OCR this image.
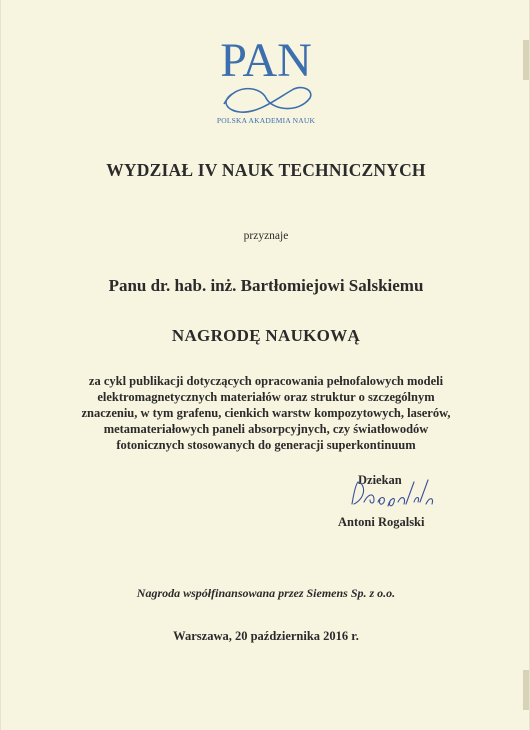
PAN
POLSKA AKADEMIA NAUK
WYDZIAŁ IV NAUK TECHNICZNYCH
przyznaje
Panu dr. hab. inż. Bartłomiejowi Salskiemu
NAGRODĘ NAUKOWĄ
za cykl publikacji dotyczących opracowania pełnofalowych modeli
elektromagnetycznych materiałów oraz struktur o szczególnym
znaczeniu, w tym grafenu, cienkich warstw kompozytowych, laserów,
metamateriałowych paneli absorpcyjnych, czy światłowodów
fotonicznych stosowanych do generacji superkontinuum
Dziekan
Antoni Rogalski
Nagroda współfinansowana przez Siemens Sp. z o.o.
Warszawa, 20 października 2016 r.
